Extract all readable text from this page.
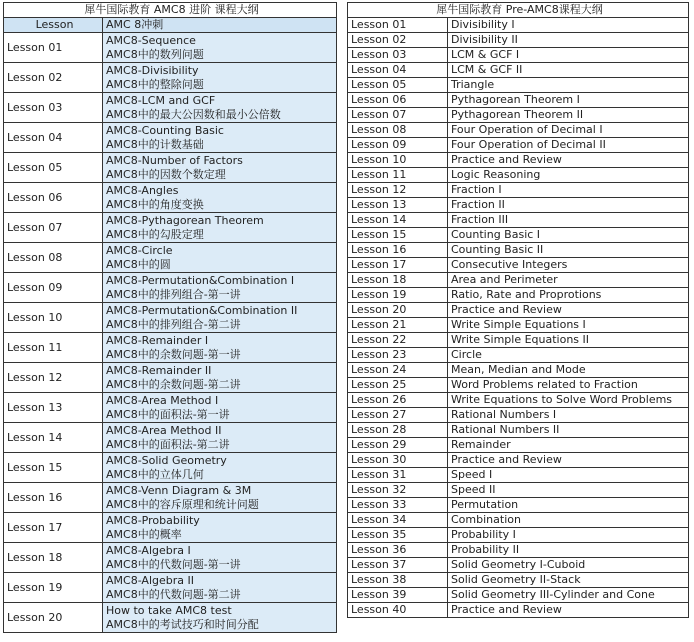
犀牛国际教育 AMC8 进阶 课程大纲	
Lesson	AMC 8冲刺
Lesson 01	AMC8-Sequence
AMC8中的数列问题

Lesson 02	AMC8-Divisibility
AMC8中的整除问题

Lesson 03	AMC8-LCM and GCF
AMC8中的最大公因数和最小公倍数

Lesson 04	AMC8-Counting Basic
AMC8中的计数基础

Lesson 05	AMC8-Number of Factors
AMC8中的因数个数定理

Lesson 06	AMC8-Angles
AMC8中的角度变换

Lesson 07	AMC8-Pythagorean Theorem
AMC8中的勾股定理

Lesson 08	AMC8-Circle
AMC8中的圆

Lesson 09	AMC8-Permutation&Combination I
AMC8中的排列组合-第一讲

Lesson 10	AMC8-Permutation&Combination II
AMC8中的排列组合-第二讲

Lesson 11	AMC8-Remainder I
AMC8中的余数问题-第一讲

Lesson 12	AMC8-Remainder II
AMC8中的余数问题-第二讲

Lesson 13	AMC8-Area Method I
AMC8中的面积法-第一讲

Lesson 14	AMC8-Area Method II
AMC8中的面积法-第二讲

Lesson 15	AMC8-Solid Geometry
AMC8中的立体几何

Lesson 16	AMC8-Venn Diagram & 3M
AMC8中的容斥原理和统计问题

Lesson 17	AMC8-Probability
AMC8中的概率

Lesson 18	AMC8-Algebra I
AMC8中的代数问题-第一讲

Lesson 19	AMC8-Algebra II
AMC8中的代数问题-第二讲

Lesson 20	How to take AMC8 test
AMC8中的考试技巧和时间分配
犀牛国际教育 Pre-AMC8课程大纲	
Lesson 01	Divisibility I
Lesson 02	Divisibility II
Lesson 03	LCM & GCF I
Lesson 04	LCM & GCF II
Lesson 05	Triangle
Lesson 06	Pythagorean Theorem I
Lesson 07	Pythagorean Theorem II
Lesson 08	Four Operation of Decimal I
Lesson 09	Four Operation of Decimal II
Lesson 10	Practice and Review
Lesson 11	Logic Reasoning
Lesson 12	Fraction I
Lesson 13	Fraction II
Lesson 14	Fraction III
Lesson 15	Counting Basic I
Lesson 16	Counting Basic II
Lesson 17	Consecutive Integers
Lesson 18	Area and Perimeter
Lesson 19	Ratio, Rate and Proprotions
Lesson 20	Practice and Review
Lesson 21	Write Simple Equations I
Lesson 22	Write Simple Equations II
Lesson 23	Circle
Lesson 24	Mean, Median and Mode
Lesson 25	Word Problems related to Fraction
Lesson 26	Write Equations to Solve Word Problems
Lesson 27	Rational Numbers I
Lesson 28	Rational Numbers II
Lesson 29	Remainder
Lesson 30	Practice and Review
Lesson 31	Speed I
Lesson 32	Speed II
Lesson 33	Permutation
Lesson 34	Combination
Lesson 35	Probability I
Lesson 36	Probability II
Lesson 37	Solid Geometry I-Cuboid
Lesson 38	Solid Geometry II-Stack
Lesson 39	Solid Geometry III-Cylinder and Cone
Lesson 40	Practice and Review
